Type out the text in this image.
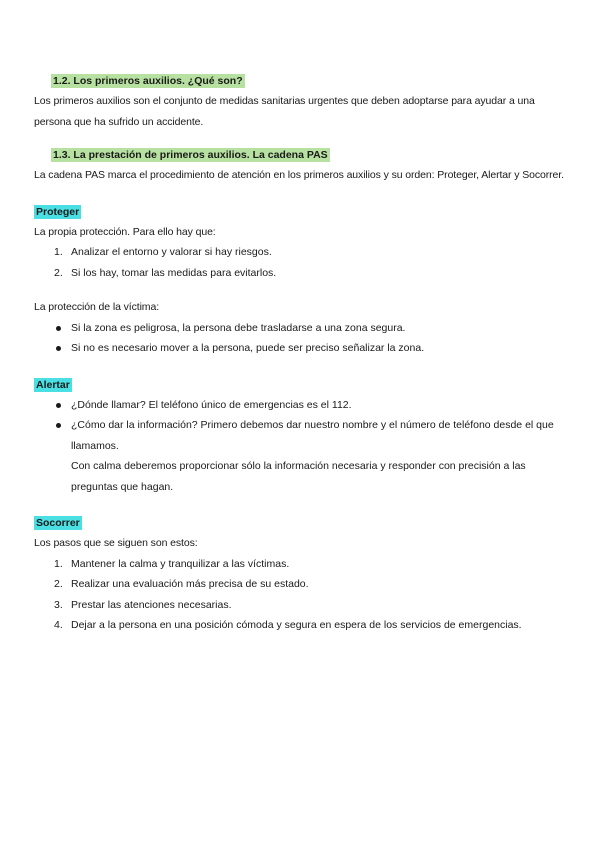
1.2. Los primeros auxilios. ¿Qué son?

Los primeros auxilios son el conjunto de medidas sanitarias urgentes que deben adoptarse para ayudar a una persona que ha sufrido un accidente.

1.3. La prestación de primeros auxilios. La cadena PAS

La cadena PAS marca el procedimiento de atención en los primeros auxilios y su orden: Proteger, Alertar y Socorrer.

Proteger

La propia protección. Para ello hay que:

1. Analizar el entorno y valorar si hay riesgos.
2. Si los hay, tomar las medidas para evitarlos.

La protección de la víctima:

Si la zona es peligrosa, la persona debe trasladarse a una zona segura.
Si no es necesario mover a la persona, puede ser preciso señalizar la zona.

Alertar

¿Dónde llamar? El teléfono único de emergencias es el 112.
¿Cómo dar la información? Primero debemos dar nuestro nombre y el número de teléfono desde el que llamamos.
Con calma deberemos proporcionar sólo la información necesaria y responder con precisión a las preguntas que hagan.

Socorrer

Los pasos que se siguen son estos:

1. Mantener la calma y tranquilizar a las víctimas.
2. Realizar una evaluación más precisa de su estado.
3. Prestar las atenciones necesarias.
4. Dejar a la persona en una posición cómoda y segura en espera de los servicios de emergencias.
